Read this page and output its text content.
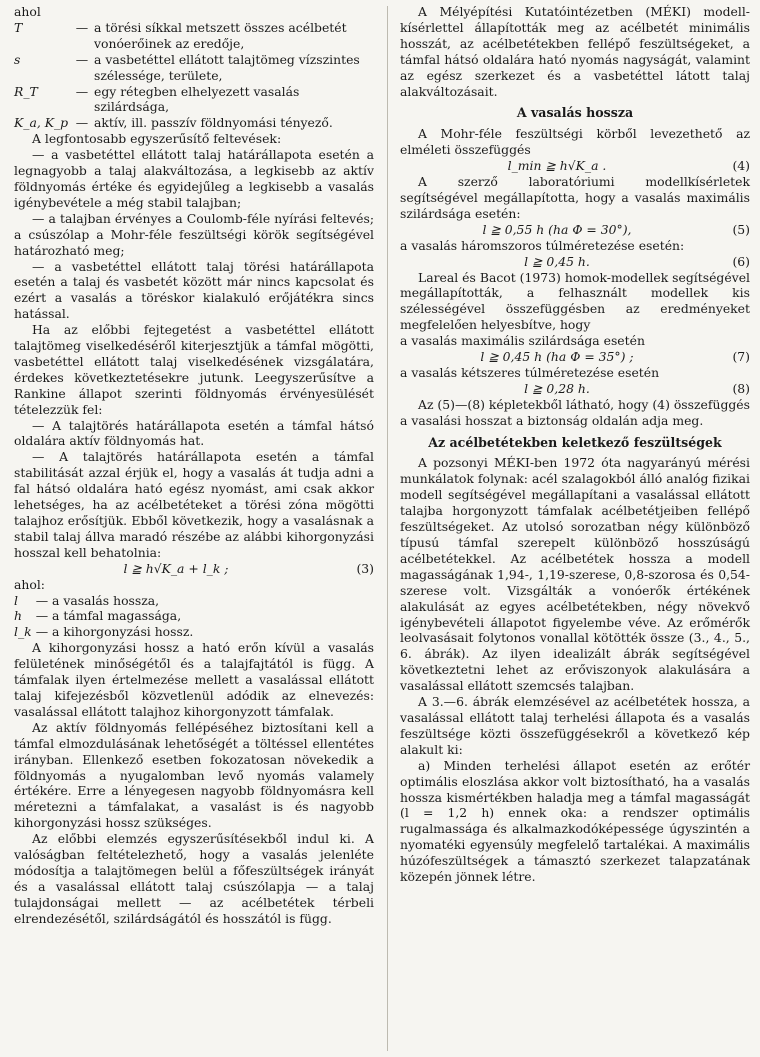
ahol

T	— a törési síkkal metszett összes acélbetét vonóerőinek az eredője,
s	— a vasbetéttel ellátott talajtömeg vízszintes szélessége, területe,
R_T	— egy rétegben elhelyezett vasalás szilárdsága,
K_a, K_p — aktív, ill. passzív földnyomási tényező.

A legfontosabb egyszerűsítő feltevések:

— a vasbetéttel ellátott talaj határállapota esetén a legnagyobb a talaj alakváltozása, a legkisebb az aktív földnyomás értéke és egyidejűleg a legkisebb a vasalás igénybevétele a még stabil talajban;

— a talajban érvényes a Coulomb-féle nyírási feltevés; a csúszólap a Mohr-féle feszültségi körök segítségével határozható meg;

— a vasbetéttel ellátott talaj törési határállapota esetén a talaj és vasbetét között már nincs kapcsolat és ezért a vasalás a töréskor kialakuló erőjátékra sincs hatással.

Ha az előbbi fejtegetést a vasbetéttel ellátott talajtömeg viselkedéséről kiterjesztjük a támfal mögötti, vasbetéttel ellátott talaj viselkedésének vizsgálatára, érdekes következtetésekre jutunk. Leegyszerűsítve a Rankine állapot szerinti földnyomás érvényesülését tételezzük fel:

— A talajtörés határállapota esetén a támfal hátsó oldalára aktív földnyomás hat.

— A talajtörés határállapota esetén a támfal stabilitását azzal érjük el, hogy a vasalás át tudja adni a fal hátsó oldalára ható egész nyomást, ami csak akkor lehetséges, ha az acélbetéteket a törési zóna mögötti talajhoz erősítjük. Ebből következik, hogy a vasalásnak a stabil talaj állva maradó részébe az alábbi kihorgonyzási hosszal kell behatolnia:

l ≧ h√K_a + l_k ;	(3)

ahol:

l	— a vasalás hossza,
h	— a támfal magassága,
l_k — a kihorgonyzási hossz.

A kihorgonyzási hossz a ható erőn kívül a vasalás felületének minőségétől és a talajfajtától is függ. A támfalak ilyen értelmezése mellett a vasalással ellátott talaj kifejezésből közvetlenül adódik az elnevezés: vasalással ellátott talajhoz kihorgonyzott támfalak.

Az aktív földnyomás fellépéséhez biztosítani kell a támfal elmozdulásának lehetőségét a töltéssel ellentétes irányban. Ellenkező esetben fokozatosan növekedik a földnyomás a nyugalomban levő nyomás valamely értékére. Erre a lényegesen nagyobb földnyomásra kell méretezni a támfalakat, a vasalást is és nagyobb kihorgonyzási hossz szükséges.

Az előbbi elemzés egyszerűsítésekből indul ki. A valóságban feltételezhető, hogy a vasalás jelenléte módosítja a talajtömegen belül a főfeszültségek irányát és a vasalással ellátott talaj csúszólapja — a talaj tulajdonságai mellett — az acélbetétek térbeli elrendezésétől, szilárdságától és hosszától is függ.

A Mélyépítési Kutatóintézetben (MÉKI) modell-kísérlettel állapították meg az acélbetét minimális hosszát, az acélbetétekben fellépő feszültségeket, a támfal hátsó oldalára ható nyomás nagyságát, valamint az egész szerkezet és a vasbetéttel látott talaj alakváltozásait.

A vasalás hossza

A Mohr-féle feszültségi körből levezethető az elméleti összefüggés

l_min ≧ h√K_a .	(4)

A szerző laboratóriumi modellkísérletek segítségével megállapította, hogy a vasalás maximális szilárdsága esetén:

l ≧ 0,55 h (ha Φ = 30°),	(5)

a vasalás háromszoros túlméretezése esetén:

l ≧ 0,45 h.	(6)

Lareal és Bacot (1973) homok-modellek segítségével megállapították, a felhasznált modellek kis szélességével összefüggésben az eredményeket megfelelően helyesbítve, hogy

a vasalás maximális szilárdsága esetén

l ≧ 0,45 h (ha Φ = 35°) ;	(7)

a vasalás kétszeres túlméretezése esetén

l ≧ 0,28 h.	(8)

Az (5)—(8) képletekből látható, hogy (4) összefüggés a vasalási hosszat a biztonság oldalán adja meg.

Az acélbetétekben keletkező feszültségek

A pozsonyi MÉKI-ben 1972 óta nagyarányú mérési munkálatok folynak: acél szalagokból álló analóg fizikai modell segítségével megállapítani a vasalással ellátott talajba horgonyzott támfalak acélbetétjeiben fellépő feszültségeket. Az utolsó sorozatban négy különböző típusú támfal szerepelt különböző hosszúságú acélbetétekkel. Az acélbetétek hossza a modell magasságának 1,94-, 1,19-szerese, 0,8-szorosa és 0,54-szerese volt. Vizsgálták a vonóerők értékének alakulását az egyes acélbetétekben, négy növekvő igénybevételi állapotot figyelembe véve. Az erőmérők leolvasásait folytonos vonallal kötötték össze (3., 4., 5., 6. ábrák). Az ilyen idealizált ábrák segítségével következtetni lehet az erőviszonyok alakulására a vasalással ellátott szemcsés talajban.

A 3.—6. ábrák elemzésével az acélbetétek hossza, a vasalással ellátott talaj terhelési állapota és a vasalás feszültsége közti összefüggésekről a következő kép alakult ki:

a) Minden terhelési állapot esetén az erőtér optimális eloszlása akkor volt biztosítható, ha a vasalás hossza kismértékben haladja meg a támfal magasságát (l = 1,2 h) ennek oka: a rendszer optimális rugalmassága és alkalmazkodóképessége úgyszintén a nyomatéki egyensúly megfelelő tartalékai. A maximális húzófeszültségek a támasztó szerkezet talapzatának közepén jönnek létre.
